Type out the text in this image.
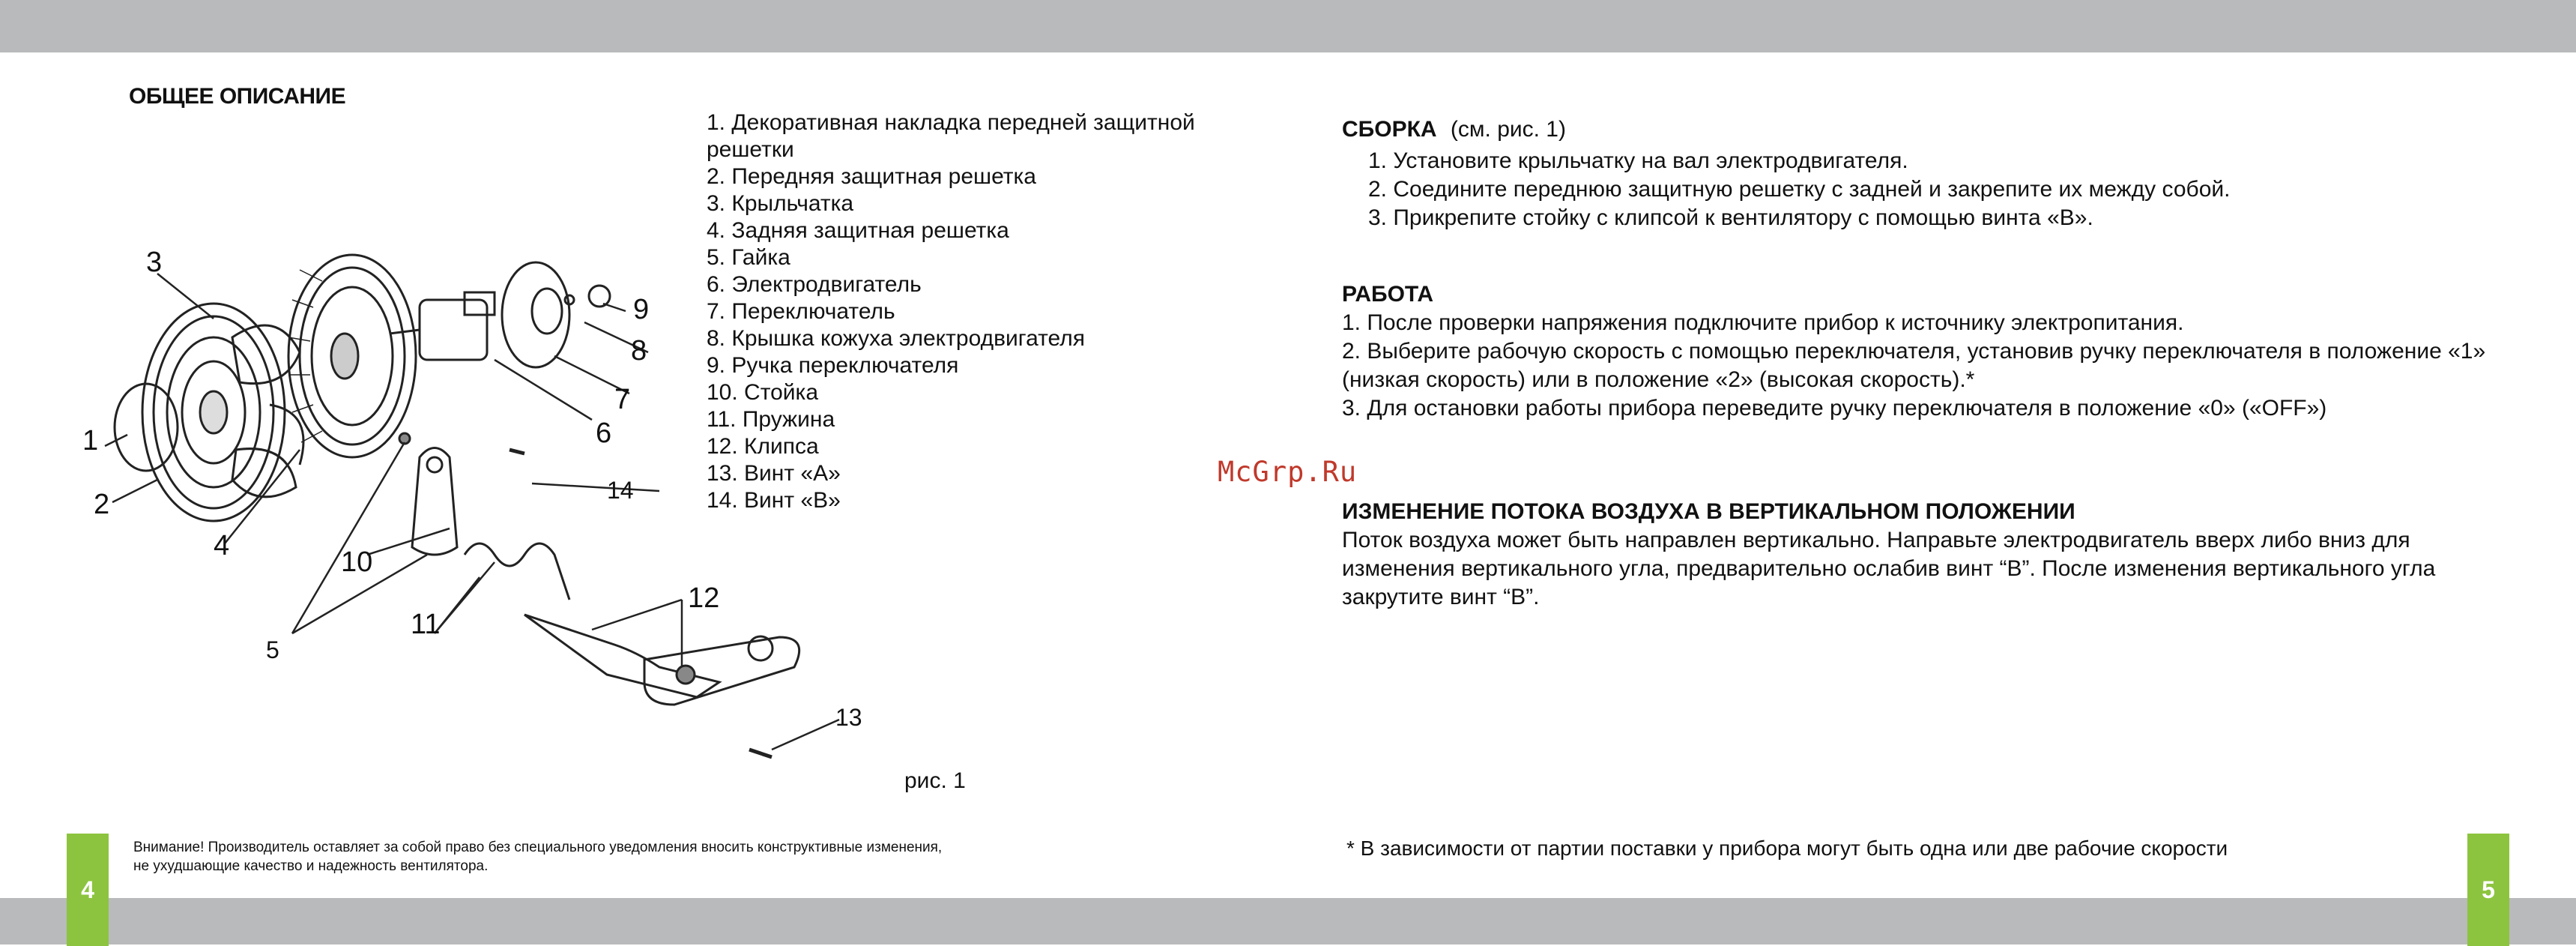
ОБЩЕЕ ОПИСАНИЕ
1. Декоративная накладка передней защитной решетки
2. Передняя защитная решетка
3. Крыльчатка
4. Задняя защитная решетка
5. Гайка
6. Электродвигатель
7. Переключатель
8. Крышка кожуха электродвигателя
9. Ручка переключателя
10. Стойка
11. Пружина
12. Клипса
13. Винт «А»
14. Винт «В»
1
2
3
4
5
6
7
8
9
10
11
12
13
14
рис. 1
Внимание! Производитель оставляет за собой право без специального уведомления вносить конструктивные изменения,
не ухудшающие качество и надежность вентилятора.
4
McGrp.Ru
СБОРКА (см. рис. 1)
1. Установите крыльчатку на вал электродвигателя.
2. Соедините переднюю защитную решетку с задней и закрепите их между собой.
3. Прикрепите стойку с клипсой к вентилятору с помощью винта «В».
РАБОТА
1. После проверки напряжения подключите прибор к источнику электропитания.
2. Выберите рабочую скорость с помощью переключателя, установив ручку переключателя в положение «1» (низкая скорость) или в положение «2» (высокая скорость).*
3. Для остановки работы прибора переведите ручку переключателя в положение «0» («OFF»)
ИЗМЕНЕНИЕ ПОТОКА ВОЗДУХА В ВЕРТИКАЛЬНОМ ПОЛОЖЕНИИ
Поток воздуха может быть направлен вертикально. Направьте электродвигатель вверх либо вниз для изменения вертикального угла, предварительно ослабив винт “В”. После изменения вертикального угла закрутите винт “В”.
* В зависимости от партии поставки у прибора могут быть одна или две рабочие скорости
5
